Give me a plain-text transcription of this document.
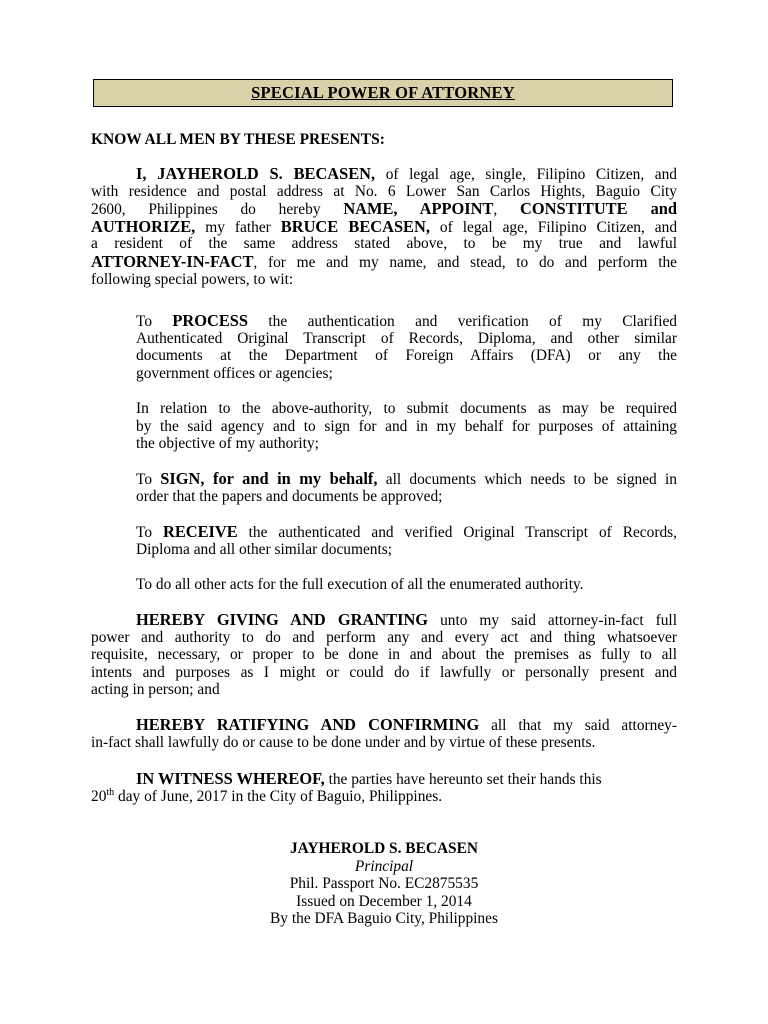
SPECIAL POWER OF ATTORNEY
KNOW ALL MEN BY THESE PRESENTS:
I, JAYHEROLD S. BECASEN, of legal age, single, Filipino Citizen, and
with residence and postal address at No. 6 Lower San Carlos Hights, Baguio City
2600, Philippines do hereby NAME, APPOINT, CONSTITUTE and
AUTHORIZE, my father BRUCE BECASEN, of legal age, Filipino Citizen, and
a resident of the same address stated above, to be my true and lawful
ATTORNEY-IN-FACT, for me and my name, and stead, to do and perform the
following special powers, to wit:
To PROCESS the authentication and verification of my Clarified
Authenticated Original Transcript of Records, Diploma, and other similar
documents at the Department of Foreign Affairs (DFA) or any the
government offices or agencies;
In relation to the above-authority, to submit documents as may be required
by the said agency and to sign for and in my behalf for purposes of attaining
the objective of my authority;
To SIGN, for and in my behalf, all documents which needs to be signed in
order that the papers and documents be approved;
To RECEIVE the authenticated and verified Original Transcript of Records,
Diploma and all other similar documents;
To do all other acts for the full execution of all the enumerated authority.
HEREBY GIVING AND GRANTING unto my said attorney-in-fact full
power and authority to do and perform any and every act and thing whatsoever
requisite, necessary, or proper to be done in and about the premises as fully to all
intents and purposes as I might or could do if lawfully or personally present and
acting in person; and
HEREBY RATIFYING AND CONFIRMING all that my said attorney-
in-fact shall lawfully do or cause to be done under and by virtue of these presents.
IN WITNESS WHEREOF, the parties have hereunto set their hands this
20th day of June, 2017 in the City of Baguio, Philippines.
JAYHEROLD S. BECASEN
Principal
Phil. Passport No. EC2875535
Issued on December 1, 2014
By the DFA Baguio City, Philippines
